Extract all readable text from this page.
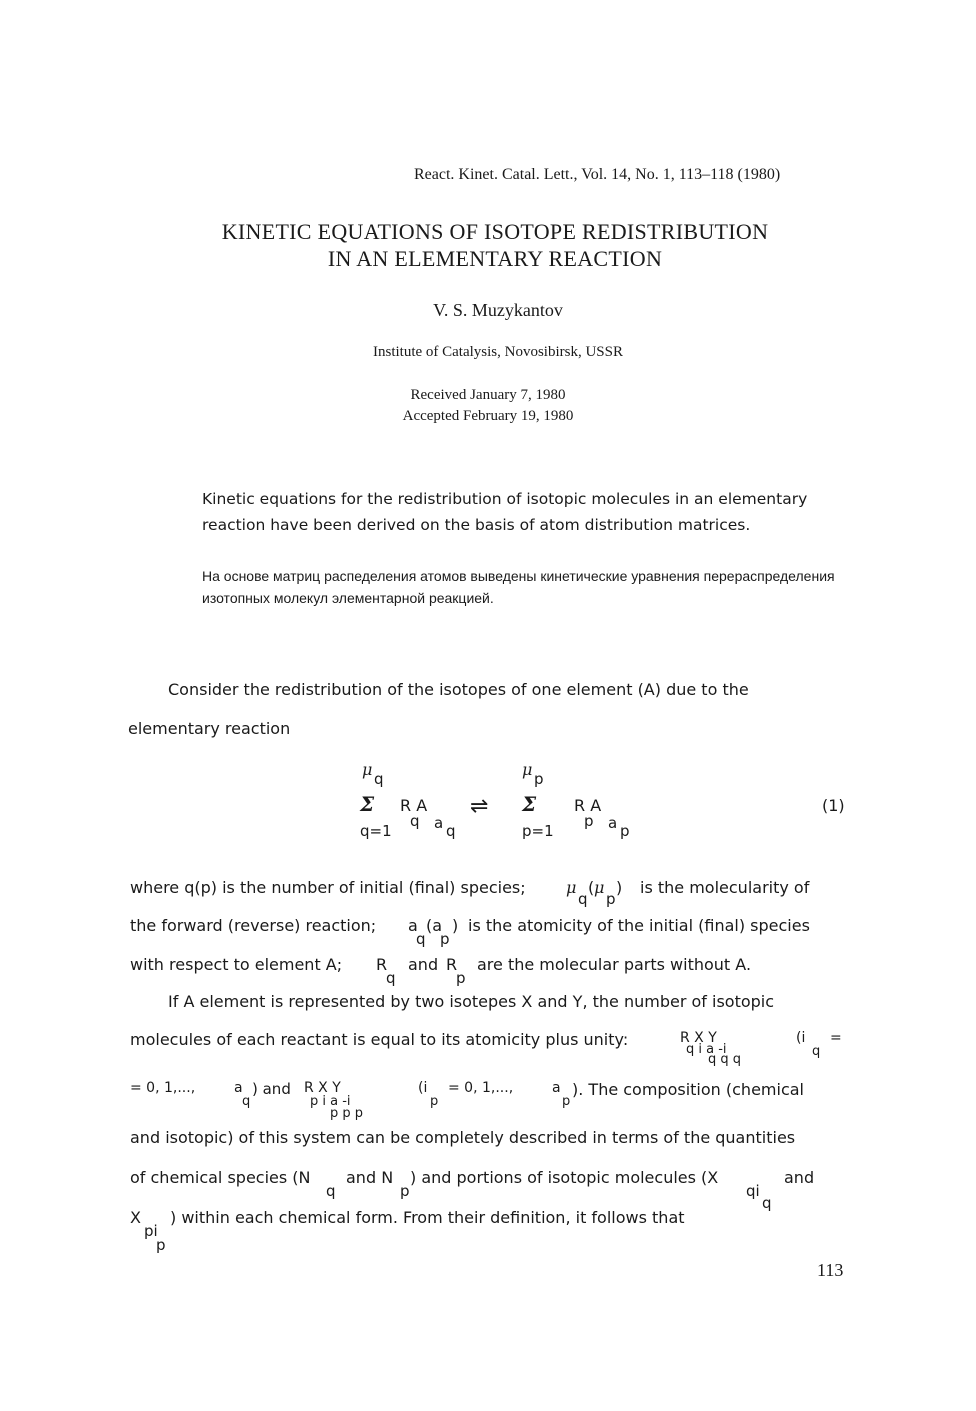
React. Kinet. Catal. Lett., Vol. 14, No. 1, 113–118 (1980)
KINETIC EQUATIONS OF ISOTOPE REDISTRIBUTION
IN AN ELEMENTARY REACTION
V. S. Muzykantov
Institute of Catalysis, Novosibirsk, USSR
Received January 7, 1980
Accepted February 19, 1980
Kinetic equations for the redistribution of isotopic molecules in an elementary reaction have been derived on the basis of atom distribution matrices.
На основе матриц распеделения атомов выведены кинетические уравнения перераспределения изотопных молекул элементарной реакцией.
Consider the redistribution of the isotopes of one element (A) due to the
elementary reaction
μ q
Σ R A
q a q
q=1
⇌
μ p
Σ R A
p a p
p=1
(1)
where q(p) is the number of initial (final) species;	μ
q
( μ
p
) is the molecularity of
the forward (reverse) reaction; a
q
(a
p
) is the atomicity of the initial (final) species
with respect to element A; R
q
and R
p
are the molecular parts without A.
If A element is represented by two isotepes X and Y, the number of isotopic
molecules of each reactant is equal to its atomicity plus unity:	R X Y
q i a -i
q q q
(i
q
=
= 0, 1,...,	a
q
) and R X Y
p i a -i
p p p
(i
p
= 0, 1,...,	a
p
). The composition (chemical
and isotopic) of this system can be completely described in terms of the quantities
of chemical species (N
q
and N
p
) and portions of isotopic molecules (X
qi
q
and
X
pi
p
) within each chemical form. From their definition, it follows that
113
